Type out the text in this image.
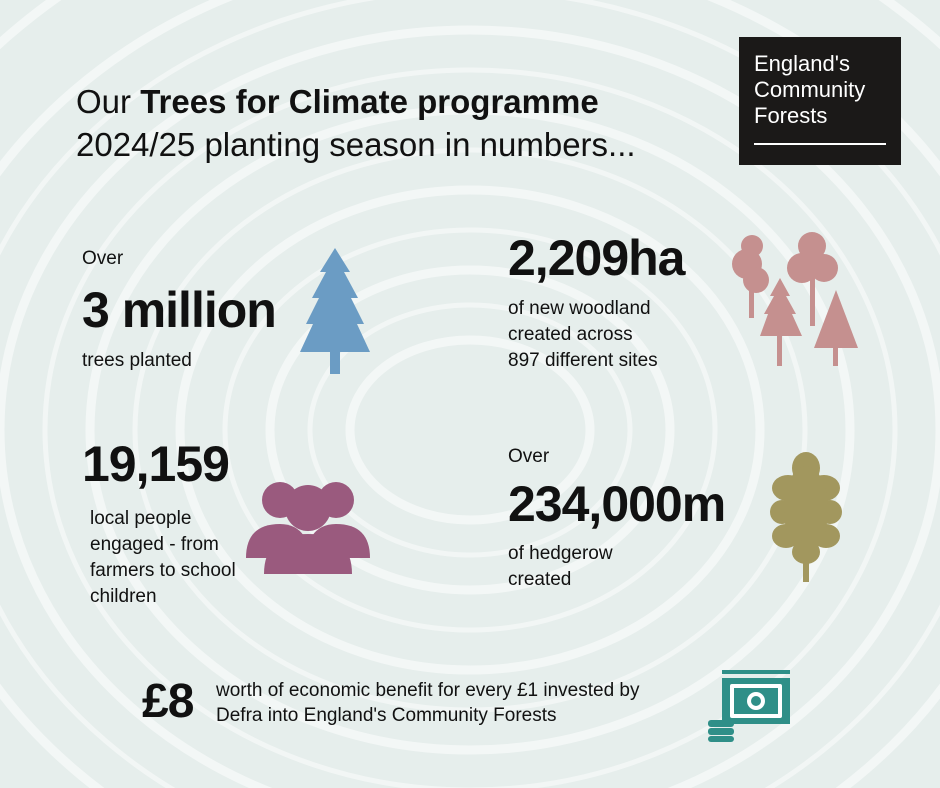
Our Trees for Climate programme
2024/25 planting season in numbers...
England's
Community
Forests
Over
3 million
trees planted
2,209ha
of new woodland
created across
897 different sites
19,159
local people
engaged - from
farmers to school
children
Over
234,000m
of hedgerow
created
£8 worth of economic benefit for every £1 invested by
Defra into England's Community Forests
